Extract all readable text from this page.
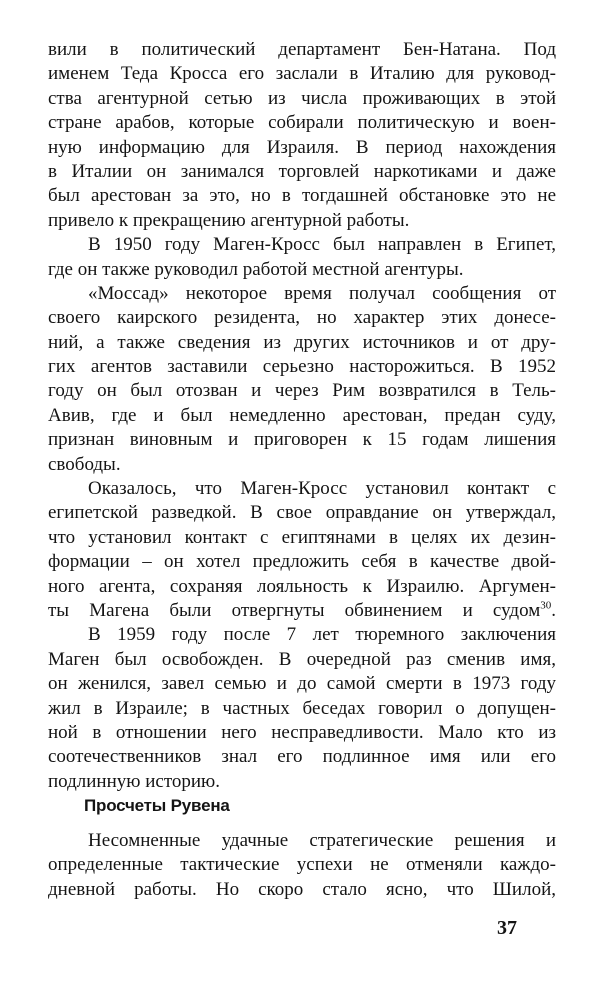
вили в политический департамент Бен-Натана. Под
именем Теда Кросса его заслали в Италию для руковод-
ства агентурной сетью из числа проживающих в этой
стране арабов, которые собирали политическую и воен-
ную информацию для Израиля. В период нахождения
в Италии он занимался торговлей наркотиками и даже
был арестован за это, но в тогдашней обстановке это не
привело к прекращению агентурной работы.
В 1950 году Маген-Кросс был направлен в Египет,
где он также руководил работой местной агентуры.
«Моссад» некоторое время получал сообщения от
своего каирского резидента, но характер этих донесе-
ний, а также сведения из других источников и от дру-
гих агентов заставили серьезно насторожиться. В 1952
году он был отозван и через Рим возвратился в Тель-
Авив, где и был немедленно арестован, предан суду,
признан виновным и приговорен к 15 годам лишения
свободы.
Оказалось, что Маген-Кросс установил контакт с
египетской разведкой. В свое оправдание он утверждал,
что установил контакт с египтянами в целях их дезин-
формации – он хотел предложить себя в качестве двой-
ного агента, сохраняя лояльность к Израилю. Аргумен-
ты Магена были отвергнуты обвинением и судом$^{30}$.
В 1959 году после 7 лет тюремного заключения
Маген был освобожден. В очередной раз сменив имя,
он женился, завел семью и до самой смерти в 1973 году
жил в Израиле; в частных беседах говорил о допущен-
ной в отношении него несправедливости. Мало кто из
соотечественников знал его подлинное имя или его
подлинную историю.
Просчеты Рувена
Несомненные удачные стратегические решения и
определенные тактические успехи не отменяли каждо-
дневной работы. Но скоро стало ясно, что Шилой,
37
